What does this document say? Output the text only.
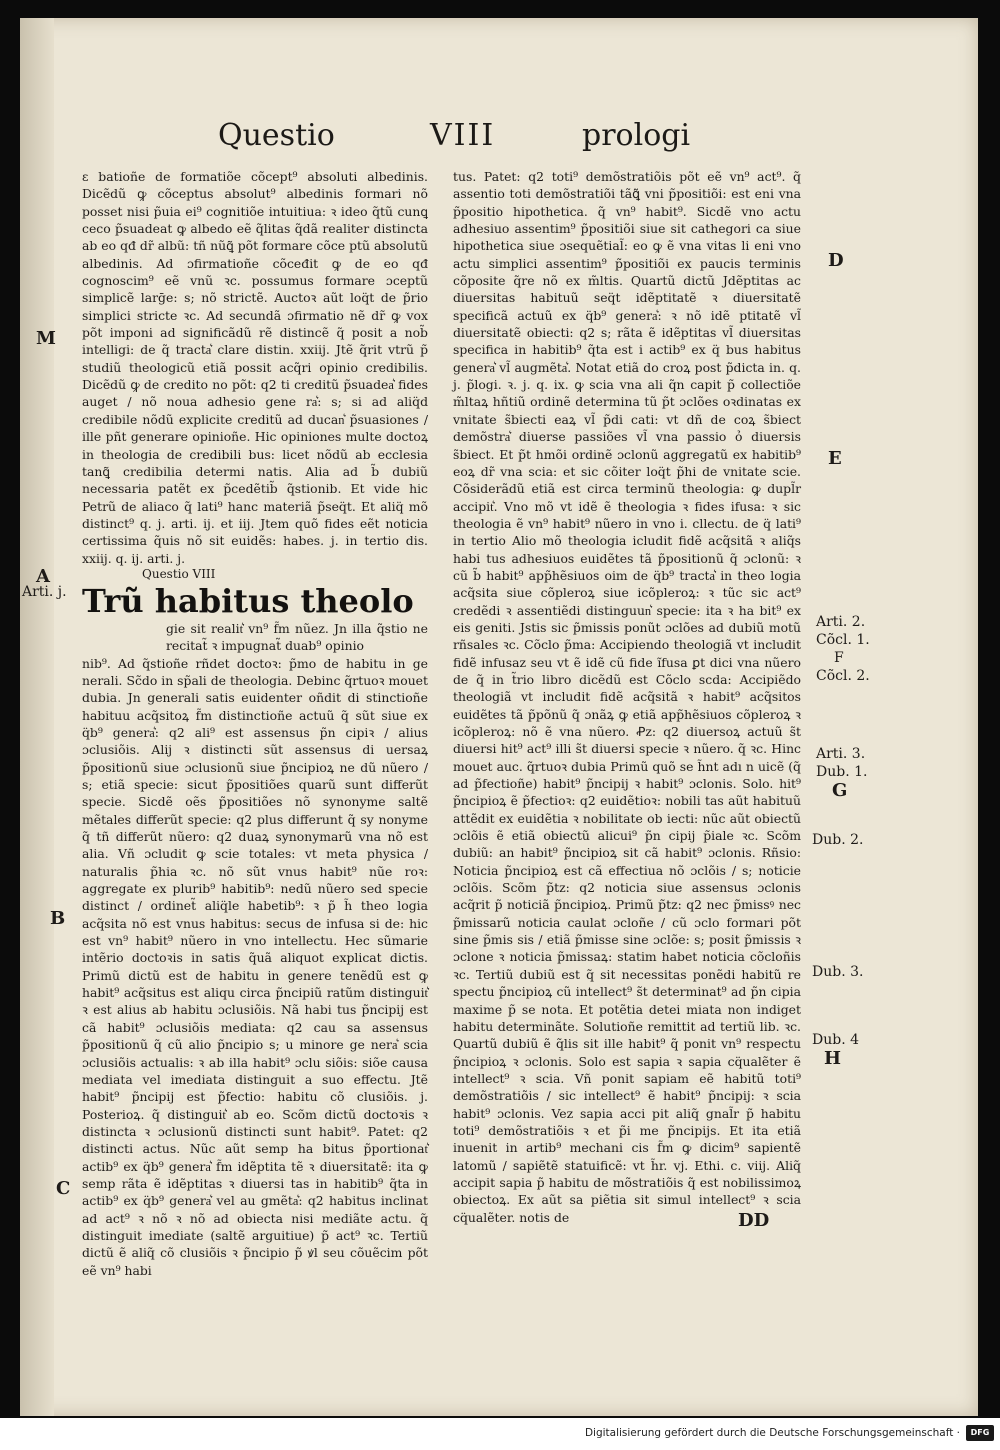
Questio	VIII	prologi

ɛ batioñe de formatiõe cõcept⁹ absoluti albedinis. Dicẽdũ ꝙ cõceptus absolut⁹ albedinis formari nõ posset nisi p̃uia ei⁹ cognitiõe intuitiua: ꝛ ideo q̃tũ cunꝗ ceco p̃suadeat ꝙ albedo eẽ q̃litas q̃dã realiter distincta ab eo qđ dr̃ albũ: tñ nũꝗ̃ põt formare cõce ptũ absolutũ albedinis. Ad ɔfirmatioñe cõceđit ꝙ de eo qđ cognoscim⁹ eẽ vnũ ꝛc. possumus formare ɔceptũ simplicẽ larḡe: s; nõ strictẽ. Auctoꝛ aũt loq̈t de p̃rio simplici stricte ꝛc. Ad secundã ɔfirmatio nẽ dr̃ ꝙ vox põt imponi ad significãdũ rẽ distincẽ q̃ posit a nob̃ intelligi: de q̃ tracta͛ clare distin. xxiij. Jtẽ q̃rit vtrũ p̃ studiũ theologicũ etiã possit acq̃ri opinio credibilis. Dicẽdũ ꝙ de credito no põt: q2 ti creditũ p̃suadea͛ fides auget / nõ noua adhesio gene ra͛: s; si ad aliq̈d credibile nõdũ explicite creditũ ad ducan͛ p̃suasiones / ille pñt generare opinioñe. Hic opiniones multe doctoꝝ in theologia de credibili bus: licet nõdũ ab ecclesia tanꝗ̃ credibilia determi natis. Alia ad b̃ dubiũ necessaria patẽt ex p̃cedẽtib̃ q̃stionib. Et vide hic Petrũ de aliaco q̃ lati⁹ hanc materiã p̃seq̈t. Et aliq̈ mõ distinct⁹ q. j. arti. ij. et iij. Jtem quõ fides eẽt noticia certissima q̃uis nõ sit euidẽs: habes. j. in tertio dis. xxiij. q. ij. arti. j.

Questio VIII

Trũ habitus theolo

gie sit realit͛ vn⁹ f̃m nũez. Jn illa q̃stio ne recitat̃ ꝛ impugnat̃ duab⁹ opinio

nib⁹. Ad q̃stioñe rñdet doctoꝛ: p̃mo de habitu in ge nerali. Sc̃do in sp̃ali de theologia. Debinc q̃rtuoꝛ mouet dubia. Jn generali satis euidenter oñdit di stinctioñe habituu acq̃sitoꝝ f̃m distinctioñe actuũ q̃ sũt siue ex q̈b⁹ genera͛: q2 ali⁹ est assensus p̃n cipiꝛ / alius ɔclusiõis. Alij ꝛ distincti sũt assensus di uersaꝝ p̃positionũ siue ɔclusionũ siue p̃ncipioꝝ ne dũ nũero / s; etiã specie: sicut p̃positiões quarũ sunt differũt specie. Sicdẽ oẽs p̃positiões nõ synonyme saltẽ mẽtales differũt specie: q2 plus differunt q̃ sy nonyme q̃ tñ differũt nũero: q2 duaꝝ synonymarũ vna nõ est alia. Vñ ɔcludit ꝙ scie totales: vt meta physica / naturalis p̃hia ꝛc. nõ sũt vnus habit⁹ nũe roꝛ: aggregate ex plurib⁹ habitib⁹: nedũ nũero sed specie distinct / ordinet̃ aliq̈le habetib⁹: ꝛ p̃ h̃ theo logia acq̃sita nõ est vnus habitus: secus de infusa si de: hic est vn⁹ habit⁹ nũero in vno intellectu. Hec sũmarie intẽrio doctoꝛis in satis q̃uã aliquot explicat dictis. Primũ dictũ est de habitu in genere tenẽdũ est ꝙ habit⁹ acq̃situs est aliqu circa p̃ncipiũ ratũm distinguit͛ ꝛ est alius ab habitu ɔclusiõis. Nã habi tus p̃ncipij est cã habit⁹ ɔclusiõis mediata: q2 cau sa assensus p̃positionũ q̃ cũ alio p̃ncipio s; u minore ge nera͛ scia ɔclusiõis actualis: ꝛ ab illa habit⁹ ɔclu siõis: siõe causa mediata vel imediata distinguit a suo effectu. Jtẽ habit⁹ p̃ncipij est p̃fectio: habitu cõ clusiõis. j. Posterioꝝ. q̃ distinguit͛ ab eo. Scõm dictũ doctoꝛis ꝛ distincta ꝛ ɔclusionũ distincti sunt habit⁹. Patet: q2 distincti actus. Nũc aũt semp ha bitus p̃portionat͛ actib⁹ ex q̈b⁹ genera͛ f̃m idẽptita tẽ ꝛ diuersitatẽ: ita ꝙ semp rãta ẽ idẽptitas ꝛ diuersi tas in habitib⁹ q̃ta in actib⁹ ex q̈b⁹ genera͛ vel au gmẽta͛: q2 habitus inclinat ad act⁹ ꝛ nõ ꝛ nõ ad obiecta nisi mediãte actu. q̃ distinguit imediate (saltẽ arguitiue) p̃ act⁹ ꝛc. Tertiũ dictũ ẽ aliq̃ cõ clusiõis ꝛ p̃ncipio p̃ ꝟl seu cõuẽcim põt eẽ vn⁹ habi

tus. Patet: q2 toti⁹ demõstratiõis põt eẽ vn⁹ act⁹. q̃ assentio toti demõstratiõi tãꝗ̃ vni p̃positiõi: est eni vna p̃positio hipothetica. q̃ vn⁹ habit⁹. Sicdẽ vno actu adhesiuo assentim⁹ p̃positiõi siue sit cathegori ca siue hipothetica siue ɔsequẽtial̃: eo ꝙ ẽ vna vitas li eni vno actu simplici assentim⁹ p̃positiõi ex paucis terminis cõposite q̃re nõ ex m̃ltis. Quartũ dictũ Jdẽptitas ac diuersitas habituũ seq̈t idẽptitatẽ ꝛ diuersitatẽ specificã actuũ ex q̈b⁹ genera͛: ꝛ nõ idẽ ptitatẽ vl̃ diuersitatẽ obiecti: q2 s; rãta ẽ idẽptitas vl̃ diuersitas specifica in habitib⁹ q̃ta est i actib⁹ ex q̈ bus habitus genera͛ vl̃ augmẽta͛. Notat etiã do croꝝ post p̃dicta in. q. j. p̃logi. ꝛ. j. q. ix. ꝙ scia vna ali q̃n capit p̃ collectiõe m̃ltaꝝ hñtiũ ordinẽ determina tũ p̃t ɔclões oꝛdinatas ex vnitate s̃biecti eaꝝ vl̃ p̃di cati: vt dñ de coꝝ s̃biect demõstra͛ diuerse passiões vl̃ vna passio ỏ diuersis s̃biect. Et p̃t hmõi ordinẽ ɔclonũ aggregatũ ex habitib⁹ eoꝝ dr̃ vna scia: et sic cõiter loq̈t p̃hi de vnitate scie. Cõsiderãdũ etiã est circa terminũ theologia: ꝙ dupl̃r accipit͛. Vno mõ vt idẽ ẽ theologia ꝛ fides ifusa: ꝛ sic theologia ẽ vn⁹ habit⁹ nũero in vno i. cllectu. de q̈ lati⁹ in tertio Alio mõ theologia icludit fidẽ acq̃sitã ꝛ aliq̃s habi tus adhesiuos euidẽtes tã p̃positionũ q̃ ɔclonũ: ꝛ cũ b̃ habit⁹ app̃hẽsiuos oim de q̈b⁹ tracta͛ in theo logia acq̃sita siue cõpleroꝝ siue icõpleroꝝ: ꝛ tũc sic act⁹ credẽdi ꝛ assentiẽdi distinguun͛ specie: ita ꝛ ha bit⁹ ex eis geniti. Jstis sic p̃missis ponũt ɔclões ad dubiũ motũ rñsales ꝛc. Cõclo p̃ma: Accipiendo theologiã vt includit fidẽ infusaz seu vt ẽ idẽ cũ fide ĩfusa ꝑt dici vna nũero de q̃ in t̃rio libro dicẽdũ est Cõclo scda: Accipiẽdo theologiã vt includit fidẽ acq̃sitã ꝛ habit⁹ acq̃sitos euidẽtes tã p̃põnũ q̃ ɔnãꝝ ꝙ etiã app̃hẽsiuos cõpleroꝝ ꝛ icõpleroꝝ: nõ ẽ vna nũero. Ꝓz: q2 diuersoꝝ actuũ s̃t diuersi hit⁹ act⁹ illi s̃t diuersi specie ꝛ nũero. q̃ ꝛc. Hinc mouet auc. q̃rtuoꝛ dubia Primũ quõ se h̃nt adı n uicẽ (q̃ ad p̃fectioñe) habit⁹ p̃ncipij ꝛ habit⁹ ɔclonis. Solo. hit⁹ p̃ncipioꝝ ẽ p̃fectioꝛ: q2 euidẽtioꝛ: nobili tas aũt habituũ attẽdit ex euidẽtia ꝛ nobilitate ob iecti: nũc aũt obiectũ ɔclõis ẽ etiã obiectũ alicui⁹ p̃n cipij p̃iale ꝛc. Scõm dubiũ: an habit⁹ p̃ncipioꝝ sit cã habit⁹ ɔclonis. Rñsio: Noticia p̃ncipioꝝ est cã effectiua nõ ɔclõis / s; noticie ɔclõis. Scõm p̃tz: q2 noticia siue assensus ɔclonis acq̃rit p̃ noticiã p̃ncipioꝝ. Primũ p̃tz: q2 nec p̃missꝰ nec p̃missarũ noticia caulat ɔcloñe / cũ ɔclo formari põt sine p̃mis sis / etiã p̃misse sine ɔclõe: s; posit p̃missis ꝛ ɔclone ꝛ noticia p̃missaꝝ: statim habet noticia cõcloñis ꝛc. Tertiũ dubiũ est q̃ sit necessitas ponẽdi habitũ re spectu p̃ncipioꝝ cũ intellect⁹ s̃t determinat⁹ ad p̃n cipia maxime p̃ se nota. Et potẽtia detei miata non indiget habitu determinãte. Solutioñe remittit ad tertiũ lib. ꝛc. Quartũ dubiũ ẽ q̃lis sit ille habit⁹ q̃ ponit vn⁹ respectu p̃ncipioꝝ ꝛ ɔclonis. Solo est sapia ꝛ sapia cq̈ualẽter ẽ intellect⁹ ꝛ scia. Vñ ponit sapiam eẽ habitũ toti⁹ demõstratiõis / sic intellect⁹ ẽ habit⁹ p̃ncipij: ꝛ scia habit⁹ ɔclonis. Vez sapia acci pit aliq̃ gnal̃r p̃ habitu toti⁹ demõstratiõis ꝛ et p̃i me p̃ncipijs. Et ita etiã inuenit in artib⁹ mechani cis f̃m ꝙ dicim⁹ sapientẽ latomũ / sapiẽtẽ statuificẽ: vt h̃r. vj. Ethi. c. viij. Aliq̃ accipit sapia p̃ habitu de mõstratiõis q̃ est nobilissimoꝝ obiectoꝝ. Ex aũt sa piẽtia sit simul intellect⁹ ꝛ scia cq̈ualẽter. notis de

M
A
Arti. j.
B
C
D
E
Arti. 2.
Cõcl. 1.
F
Cõcl. 2.
Arti. 3.
Dub. 1.
G
Dub. 2.
Dub. 3.
Dub. 4
H
DD
Digitalisierung gefördert durch die Deutsche Forschungsgemeinschaft ·	DFG
